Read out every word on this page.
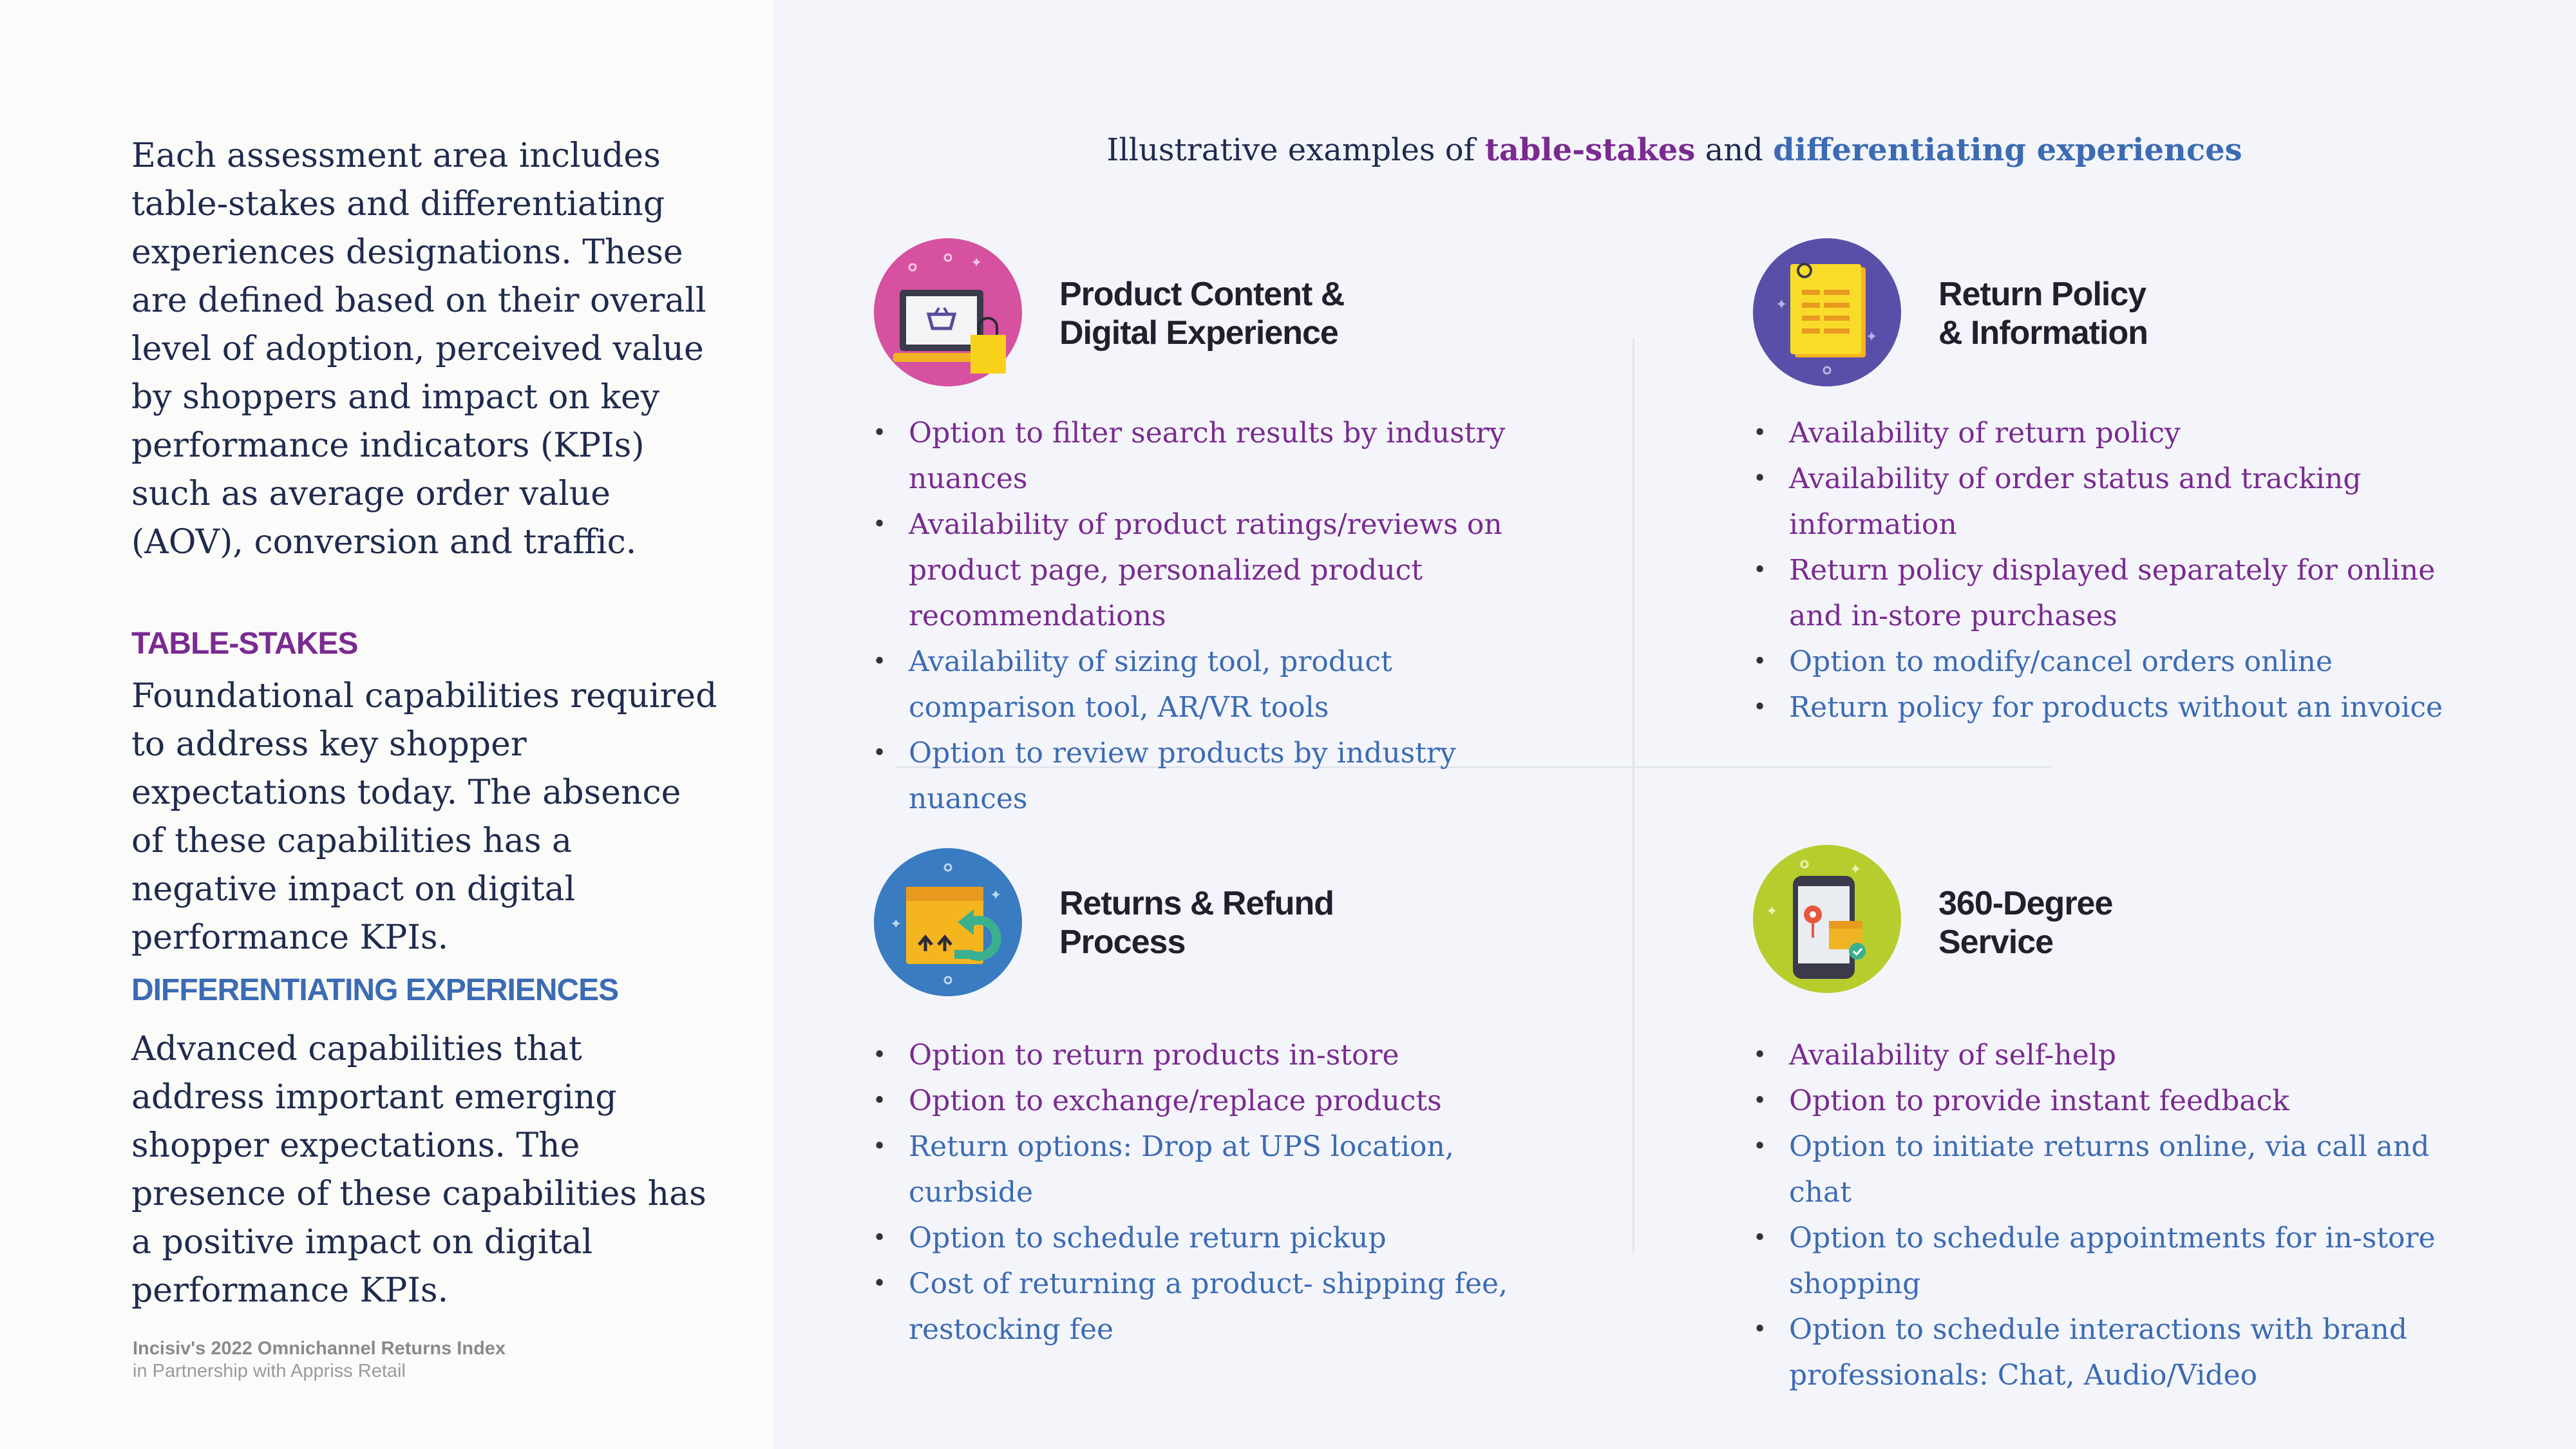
Each assessment area includes table-stakes and differentiating experiences designations. These are defined based on their overall level of adoption, perceived value by shoppers and impact on key performance indicators (KPIs) such as average order value (AOV), conversion and traffic.

TABLE-STAKES

Foundational capabilities required to address key shopper expectations today. The absence of these capabilities has a negative impact on digital performance KPIs.

DIFFERENTIATING EXPERIENCES

Advanced capabilities that address important emerging shopper expectations. The presence of these capabilities has a positive impact on digital performance KPIs.

Incisiv's 2022 Omnichannel Returns Index
in Partnership with Appriss Retail
Illustrative examples of table-stakes and differentiating experiences
✦
Product Content &
Digital Experience
• Option to filter search results by industry nuances
• Availability of product ratings/reviews on product page, personalized product recommendations
• Availability of sizing tool, product comparison tool, AR/VR tools
• Option to review products by industry nuances
✦
✦
Return Policy
& Information
• Availability of return policy
• Availability of order status and tracking information
• Return policy displayed separately for online and in-store purchases
• Option to modify/cancel orders online
• Return policy for products without an invoice
✦
✦ Returns & Refund
Process
• Option to return products in-store
• Option to exchange/replace products
• Return options: Drop at UPS location, curbside
• Option to schedule return pickup
• Cost of returning a product- shipping fee, restocking fee
✦
✦	360-Degree
Service
• Availability of self-help
• Option to provide instant feedback
• Option to initiate returns online, via call and chat
• Option to schedule appointments for in-store shopping
• Option to schedule interactions with brand professionals: Chat, Audio/Video
